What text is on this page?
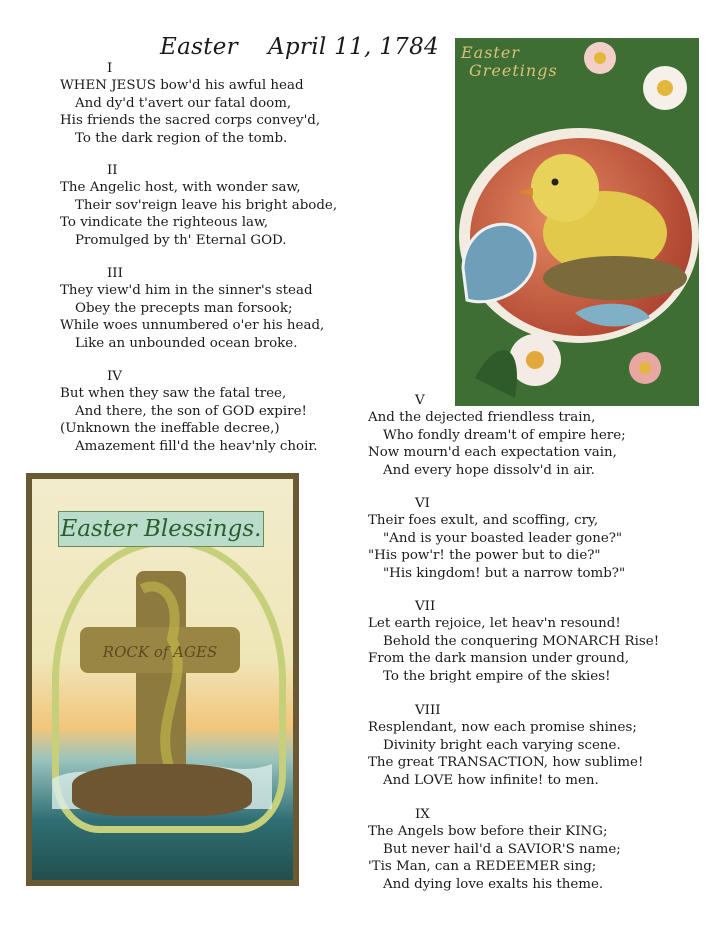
Easter April 11, 1784
I
WHEN JESUS bow'd his awful head
And dy'd t'avert our fatal doom,
His friends the sacred corps convey'd,
To the dark region of the tomb.
II
The Angelic host, with wonder saw,
Their sov'reign leave his bright abode,
To vindicate the righteous law,
Promulged by th' Eternal GOD.
III
They view'd him in the sinner's stead
Obey the precepts man forsook;
While woes unnumbered o'er his head,
Like an unbounded ocean broke.
IV
But when they saw the fatal tree,
And there, the son of GOD expire!
(Unknown the ineffable decree,)
Amazement fill'd the heav'nly choir.
V
And the dejected friendless train,
Who fondly dream't of empire here;
Now mourn'd each expectation vain,
And every hope dissolv'd in air.
VI
Their foes exult, and scoffing, cry,
"And is your boasted leader gone?"
"His pow'r! the power but to die?"
"His kingdom! but a narrow tomb?"
VII
Let earth rejoice, let heav'n resound!
Behold the conquering MONARCH Rise!
From the dark mansion under ground,
To the bright empire of the skies!
VIII
Resplendant, now each promise shines;
Divinity bright each varying scene.
The great TRANSACTION, how sublime!
And LOVE how infinite! to men.
IX
The Angels bow before their KING;
But never hail'd a SAVIOR'S name;
'Tis Man, can a REDEEMER sing;
And dying love exalts his theme.
Easter
Greetings
ROCK of AGES
Easter Blessings.
